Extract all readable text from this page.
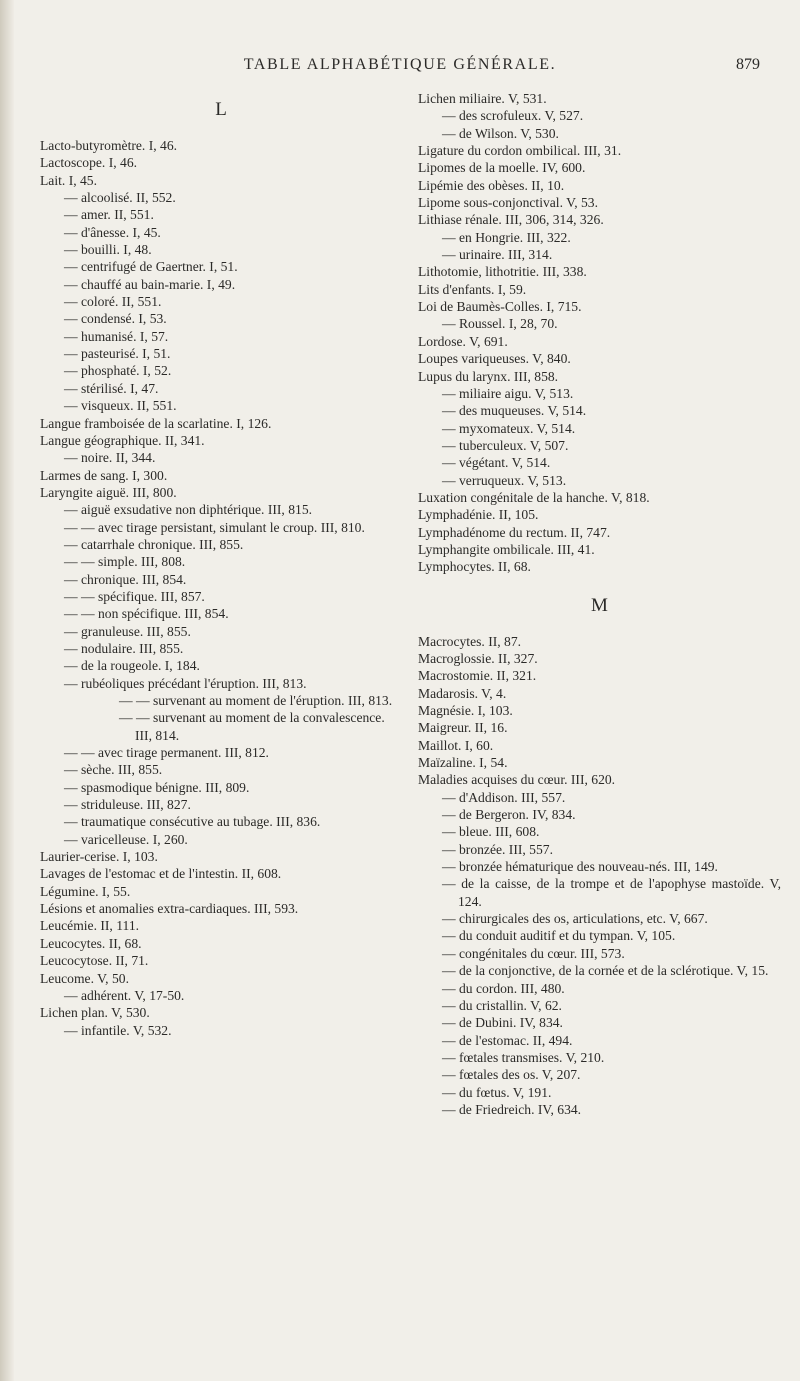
TABLE ALPHABÉTIQUE GÉNÉRALE.	879
L
Lacto-butyromètre. I, 46.
Lactoscope. I, 46.
Lait. I, 45.
— alcoolisé. II, 552.
— amer. II, 551.
— d'ânesse. I, 45.
— bouilli. I, 48.
— centrifugé de Gaertner. I, 51.
— chauffé au bain-marie. I, 49.
— coloré. II, 551.
— condensé. I, 53.
— humanisé. I, 57.
— pasteurisé. I, 51.
— phosphaté. I, 52.
— stérilisé. I, 47.
— visqueux. II, 551.
Langue framboisée de la scarlatine. I, 126.
Langue géographique. II, 341.
— noire. II, 344.
Larmes de sang. I, 300.
Laryngite aiguë. III, 800.
— aiguë exsudative non diphtérique. III, 815.
— — avec tirage persistant, simulant le croup. III, 810.
— catarrhale chronique. III, 855.
— — simple. III, 808.
— chronique. III, 854.
— — spécifique. III, 857.
— — non spécifique. III, 854.
— granuleuse. III, 855.
— nodulaire. III, 855.
— de la rougeole. I, 184.
— rubéoliques précédant l'éruption. III, 813.
— — survenant au moment de l'éruption. III, 813.
— — survenant au moment de la convalescence. III, 814.
— — avec tirage permanent. III, 812.
— sèche. III, 855.
— spasmodique bénigne. III, 809.
— striduleuse. III, 827.
— traumatique consécutive au tubage. III, 836.
— varicelleuse. I, 260.
Laurier-cerise. I, 103.
Lavages de l'estomac et de l'intestin. II, 608.
Légumine. I, 55.
Lésions et anomalies extra-cardiaques. III, 593.
Leucémie. II, 111.
Leucocytes. II, 68.
Leucocytose. II, 71.
Leucome. V, 50.
— adhérent. V, 17-50.
Lichen plan. V, 530.
— infantile. V, 532.
Lichen miliaire. V, 531.
— des scrofuleux. V, 527.
— de Wilson. V, 530.
Ligature du cordon ombilical. III, 31.
Lipomes de la moelle. IV, 600.
Lipémie des obèses. II, 10.
Lipome sous-conjonctival. V, 53.
Lithiase rénale. III, 306, 314, 326.
— en Hongrie. III, 322.
— urinaire. III, 314.
Lithotomie, lithotritie. III, 338.
Lits d'enfants. I, 59.
Loi de Baumès-Colles. I, 715.
— Roussel. I, 28, 70.
Lordose. V, 691.
Loupes variqueuses. V, 840.
Lupus du larynx. III, 858.
— miliaire aigu. V, 513.
— des muqueuses. V, 514.
— myxomateux. V, 514.
— tuberculeux. V, 507.
— végétant. V, 514.
— verruqueux. V, 513.
Luxation congénitale de la hanche. V, 818.
Lymphadénie. II, 105.
Lymphadénome du rectum. II, 747.
Lymphangite ombilicale. III, 41.
Lymphocytes. II, 68.
M
Macrocytes. II, 87.
Macroglossie. II, 327.
Macrostomie. II, 321.
Madarosis. V, 4.
Magnésie. I, 103.
Maigreur. II, 16.
Maillot. I, 60.
Maïzaline. I, 54.
Maladies acquises du cœur. III, 620.
— d'Addison. III, 557.
— de Bergeron. IV, 834.
— bleue. III, 608.
— bronzée. III, 557.
— bronzée hématurique des nouveau-nés. III, 149.
— de la caisse, de la trompe et de l'apophyse mastoïde. V, 124.
— chirurgicales des os, articulations, etc. V, 667.
— du conduit auditif et du tympan. V, 105.
— congénitales du cœur. III, 573.
— de la conjonctive, de la cornée et de la sclérotique. V, 15.
— du cordon. III, 480.
— du cristallin. V, 62.
— de Dubini. IV, 834.
— de l'estomac. II, 494.
— fœtales transmises. V, 210.
— fœtales des os. V, 207.
— du fœtus. V, 191.
— de Friedreich. IV, 634.
